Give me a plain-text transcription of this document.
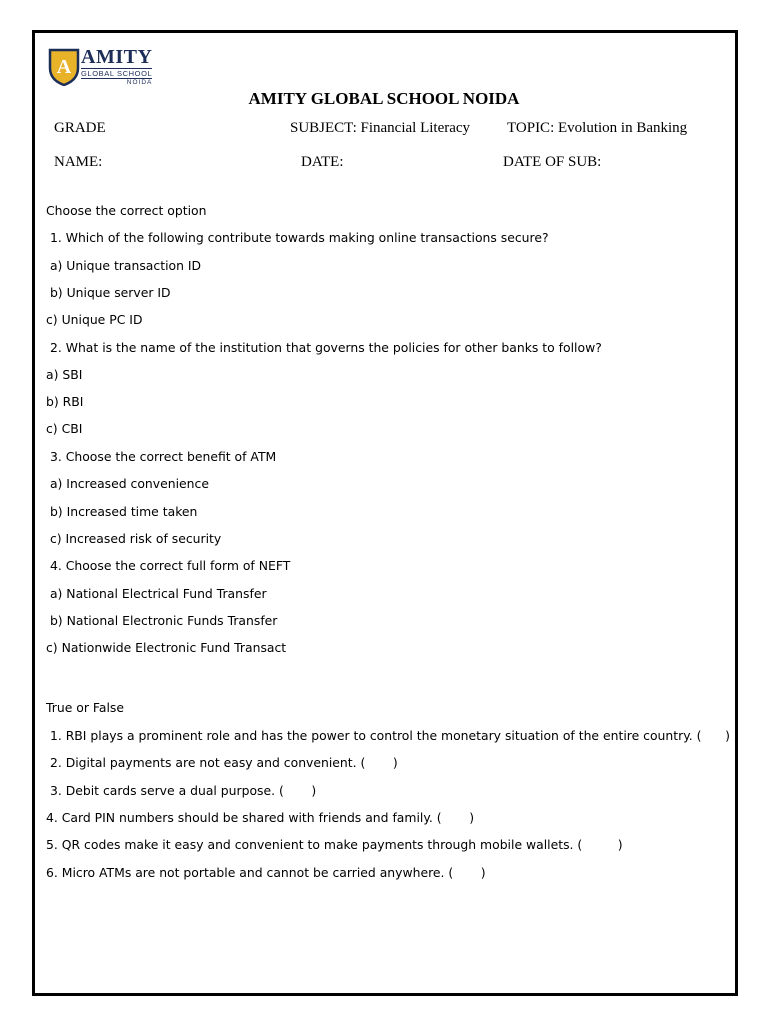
A AMITY
GLOBAL SCHOOL
NOIDA
AMITY GLOBAL SCHOOL NOIDA
GRADE	SUBJECT: Financial Literacy TOPIC: Evolution in Banking
NAME:	DATE:	DATE OF SUB:
Choose the correct option
1. Which of the following contribute towards making online transactions secure?
a) Unique transaction ID
b) Unique server ID
c) Unique PC ID
2. What is the name of the institution that governs the policies for other banks to follow?
a) SBI
b) RBI
c) CBI
3. Choose the correct benefit of ATM
a) Increased convenience
b) Increased time taken
c) Increased risk of security
4. Choose the correct full form of NEFT
a) National Electrical Fund Transfer
b) National Electronic Funds Transfer
c) Nationwide Electronic Fund Transact
True or False
1. RBI plays a prominent role and has the power to control the monetary situation of the entire country. (      )
2. Digital payments are not easy and convenient. (       )
3. Debit cards serve a dual purpose. (       )
4. Card PIN numbers should be shared with friends and family. (       )
5. QR codes make it easy and convenient to make payments through mobile wallets. (         )
6. Micro ATMs are not portable and cannot be carried anywhere. (       )
